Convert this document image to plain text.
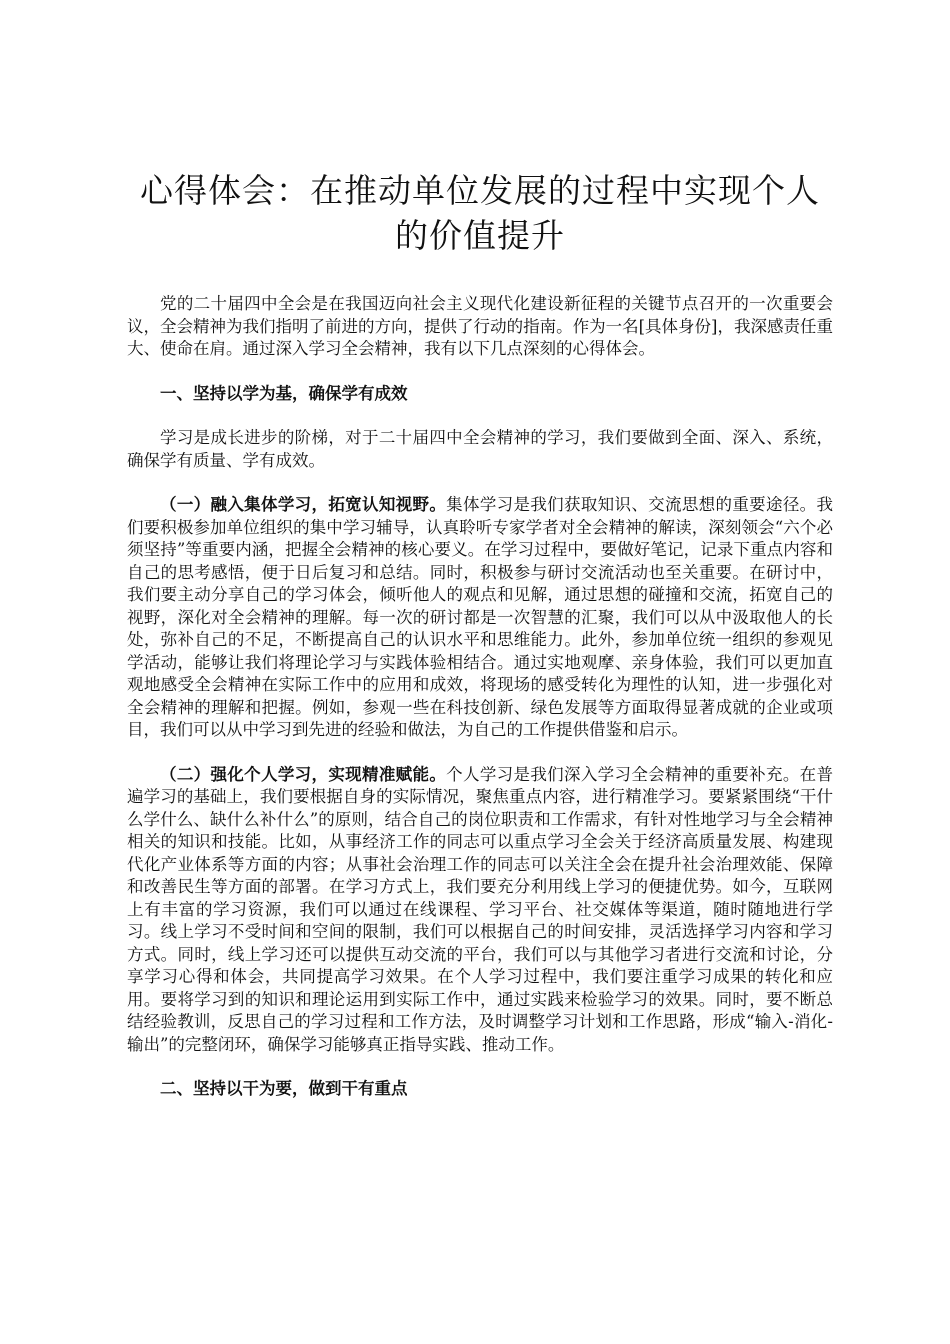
心得体会：在推动单位发展的过程中实现个人的价值提升

党的二十届四中全会是在我国迈向社会主义现代化建设新征程的关键节点召开的一次重要会议，全会精神为我们指明了前进的方向，提供了行动的指南。作为一名[具体身份]，我深感责任重大、使命在肩。通过深入学习全会精神，我有以下几点深刻的心得体会。

一、坚持以学为基，确保学有成效

学习是成长进步的阶梯，对于二十届四中全会精神的学习，我们要做到全面、深入、系统，确保学有质量、学有成效。

（一）融入集体学习，拓宽认知视野。集体学习是我们获取知识、交流思想的重要途径。我们要积极参加单位组织的集中学习辅导，认真聆听专家学者对全会精神的解读，深刻领会“六个必须坚持”等重要内涵，把握全会精神的核心要义。在学习过程中，要做好笔记，记录下重点内容和自己的思考感悟，便于日后复习和总结。同时，积极参与研讨交流活动也至关重要。在研讨中，我们要主动分享自己的学习体会，倾听他人的观点和见解，通过思想的碰撞和交流，拓宽自己的视野，深化对全会精神的理解。每一次的研讨都是一次智慧的汇聚，我们可以从中汲取他人的长处，弥补自己的不足，不断提高自己的认识水平和思维能力。此外，参加单位统一组织的参观见学活动，能够让我们将理论学习与实践体验相结合。通过实地观摩、亲身体验，我们可以更加直观地感受全会精神在实际工作中的应用和成效，将现场的感受转化为理性的认知，进一步强化对全会精神的理解和把握。例如，参观一些在科技创新、绿色发展等方面取得显著成就的企业或项目，我们可以从中学习到先进的经验和做法，为自己的工作提供借鉴和启示。

（二）强化个人学习，实现精准赋能。个人学习是我们深入学习全会精神的重要补充。在普遍学习的基础上，我们要根据自身的实际情况，聚焦重点内容，进行精准学习。要紧紧围绕“干什么学什么、缺什么补什么”的原则，结合自己的岗位职责和工作需求，有针对性地学习与全会精神相关的知识和技能。比如，从事经济工作的同志可以重点学习全会关于经济高质量发展、构建现代化产业体系等方面的内容；从事社会治理工作的同志可以关注全会在提升社会治理效能、保障和改善民生等方面的部署。在学习方式上，我们要充分利用线上学习的便捷优势。如今，互联网上有丰富的学习资源，我们可以通过在线课程、学习平台、社交媒体等渠道，随时随地进行学习。线上学习不受时间和空间的限制，我们可以根据自己的时间安排，灵活选择学习内容和学习方式。同时，线上学习还可以提供互动交流的平台，我们可以与其他学习者进行交流和讨论，分享学习心得和体会，共同提高学习效果。在个人学习过程中，我们要注重学习成果的转化和应用。要将学习到的知识和理论运用到实际工作中，通过实践来检验学习的效果。同时，要不断总结经验教训，反思自己的学习过程和工作方法，及时调整学习计划和工作思路，形成“输入-消化-输出”的完整闭环，确保学习能够真正指导实践、推动工作。

二、坚持以干为要，做到干有重点
